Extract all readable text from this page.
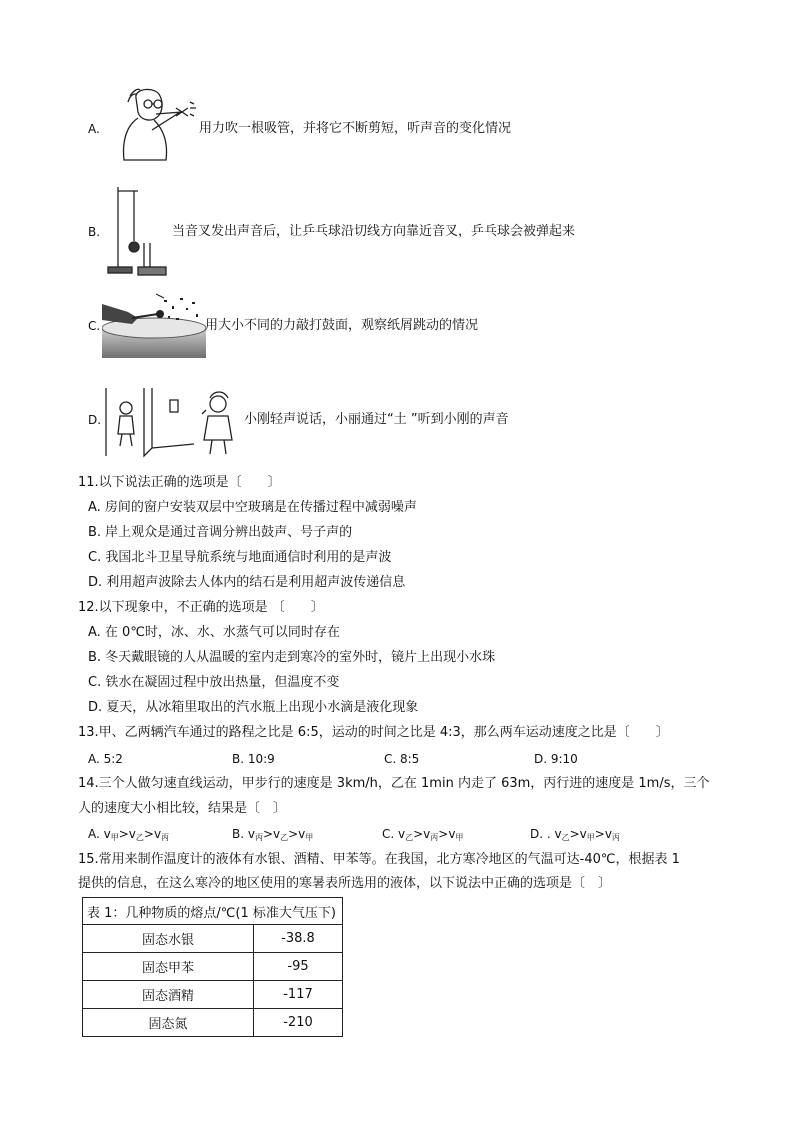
A.	用力吹一根吸管，并将它不断剪短，听声音的变化情况
B.	当音叉发出声音后，让乒乓球沿切线方向靠近音叉，乒乓球会被弹起来
C.	用大小不同的力敲打鼓面，观察纸屑跳动的情况
D.	小刚轻声说话，小丽通过“土 ”听到小刚的声音
11.以下说法正确的选项是〔　　〕
A. 房间的窗户安装双层中空玻璃是在传播过程中减弱噪声
B. 岸上观众是通过音调分辨出鼓声、号子声的
C. 我国北斗卫星导航系统与地面通信时利用的是声波
D. 利用超声波除去人体内的结石是利用超声波传递信息
12.以下现象中，不正确的选项是 〔　　〕
A. 在 0℃时，冰、水、水蒸气可以同时存在
B. 冬天戴眼镜的人从温暖的室内走到寒冷的室外时，镜片上出现小水珠
C. 铁水在凝固过程中放出热量，但温度不变
D. 夏天，从冰箱里取出的汽水瓶上出现小水滴是液化现象
13.甲、乙两辆汽车通过的路程之比是 6:5，运动的时间之比是 4:3，那么两车运动速度之比是〔　　〕
A. 5:2	B. 10:9	C. 8:5	D. 9:10
14.三个人做匀速直线运动，甲步行的速度是 3km/h，乙在 1min 内走了 63m，丙行进的速度是 1m/s，三个
人的速度大小相比较，结果是〔　〕
A. $v_甲>v_乙>v_丙$	B. $v_丙>v_乙>v_甲$	C. $v_乙>v_丙>v_甲$	D. . $v_乙>v_甲>v_丙$
15.常用来制作温度计的液体有水银、酒精、甲苯等。在我国，北方寒冷地区的气温可达-40℃，根据表 1
提供的信息，在这么寒冷的地区使用的寒暑表所选用的液体，以下说法中正确的选项是〔　〕
表 1：几种物质的熔点/℃(1 标准大气压下)	
固态水银	-38.8
固态甲苯	-95
固态酒精	-117
固态氮	-210
